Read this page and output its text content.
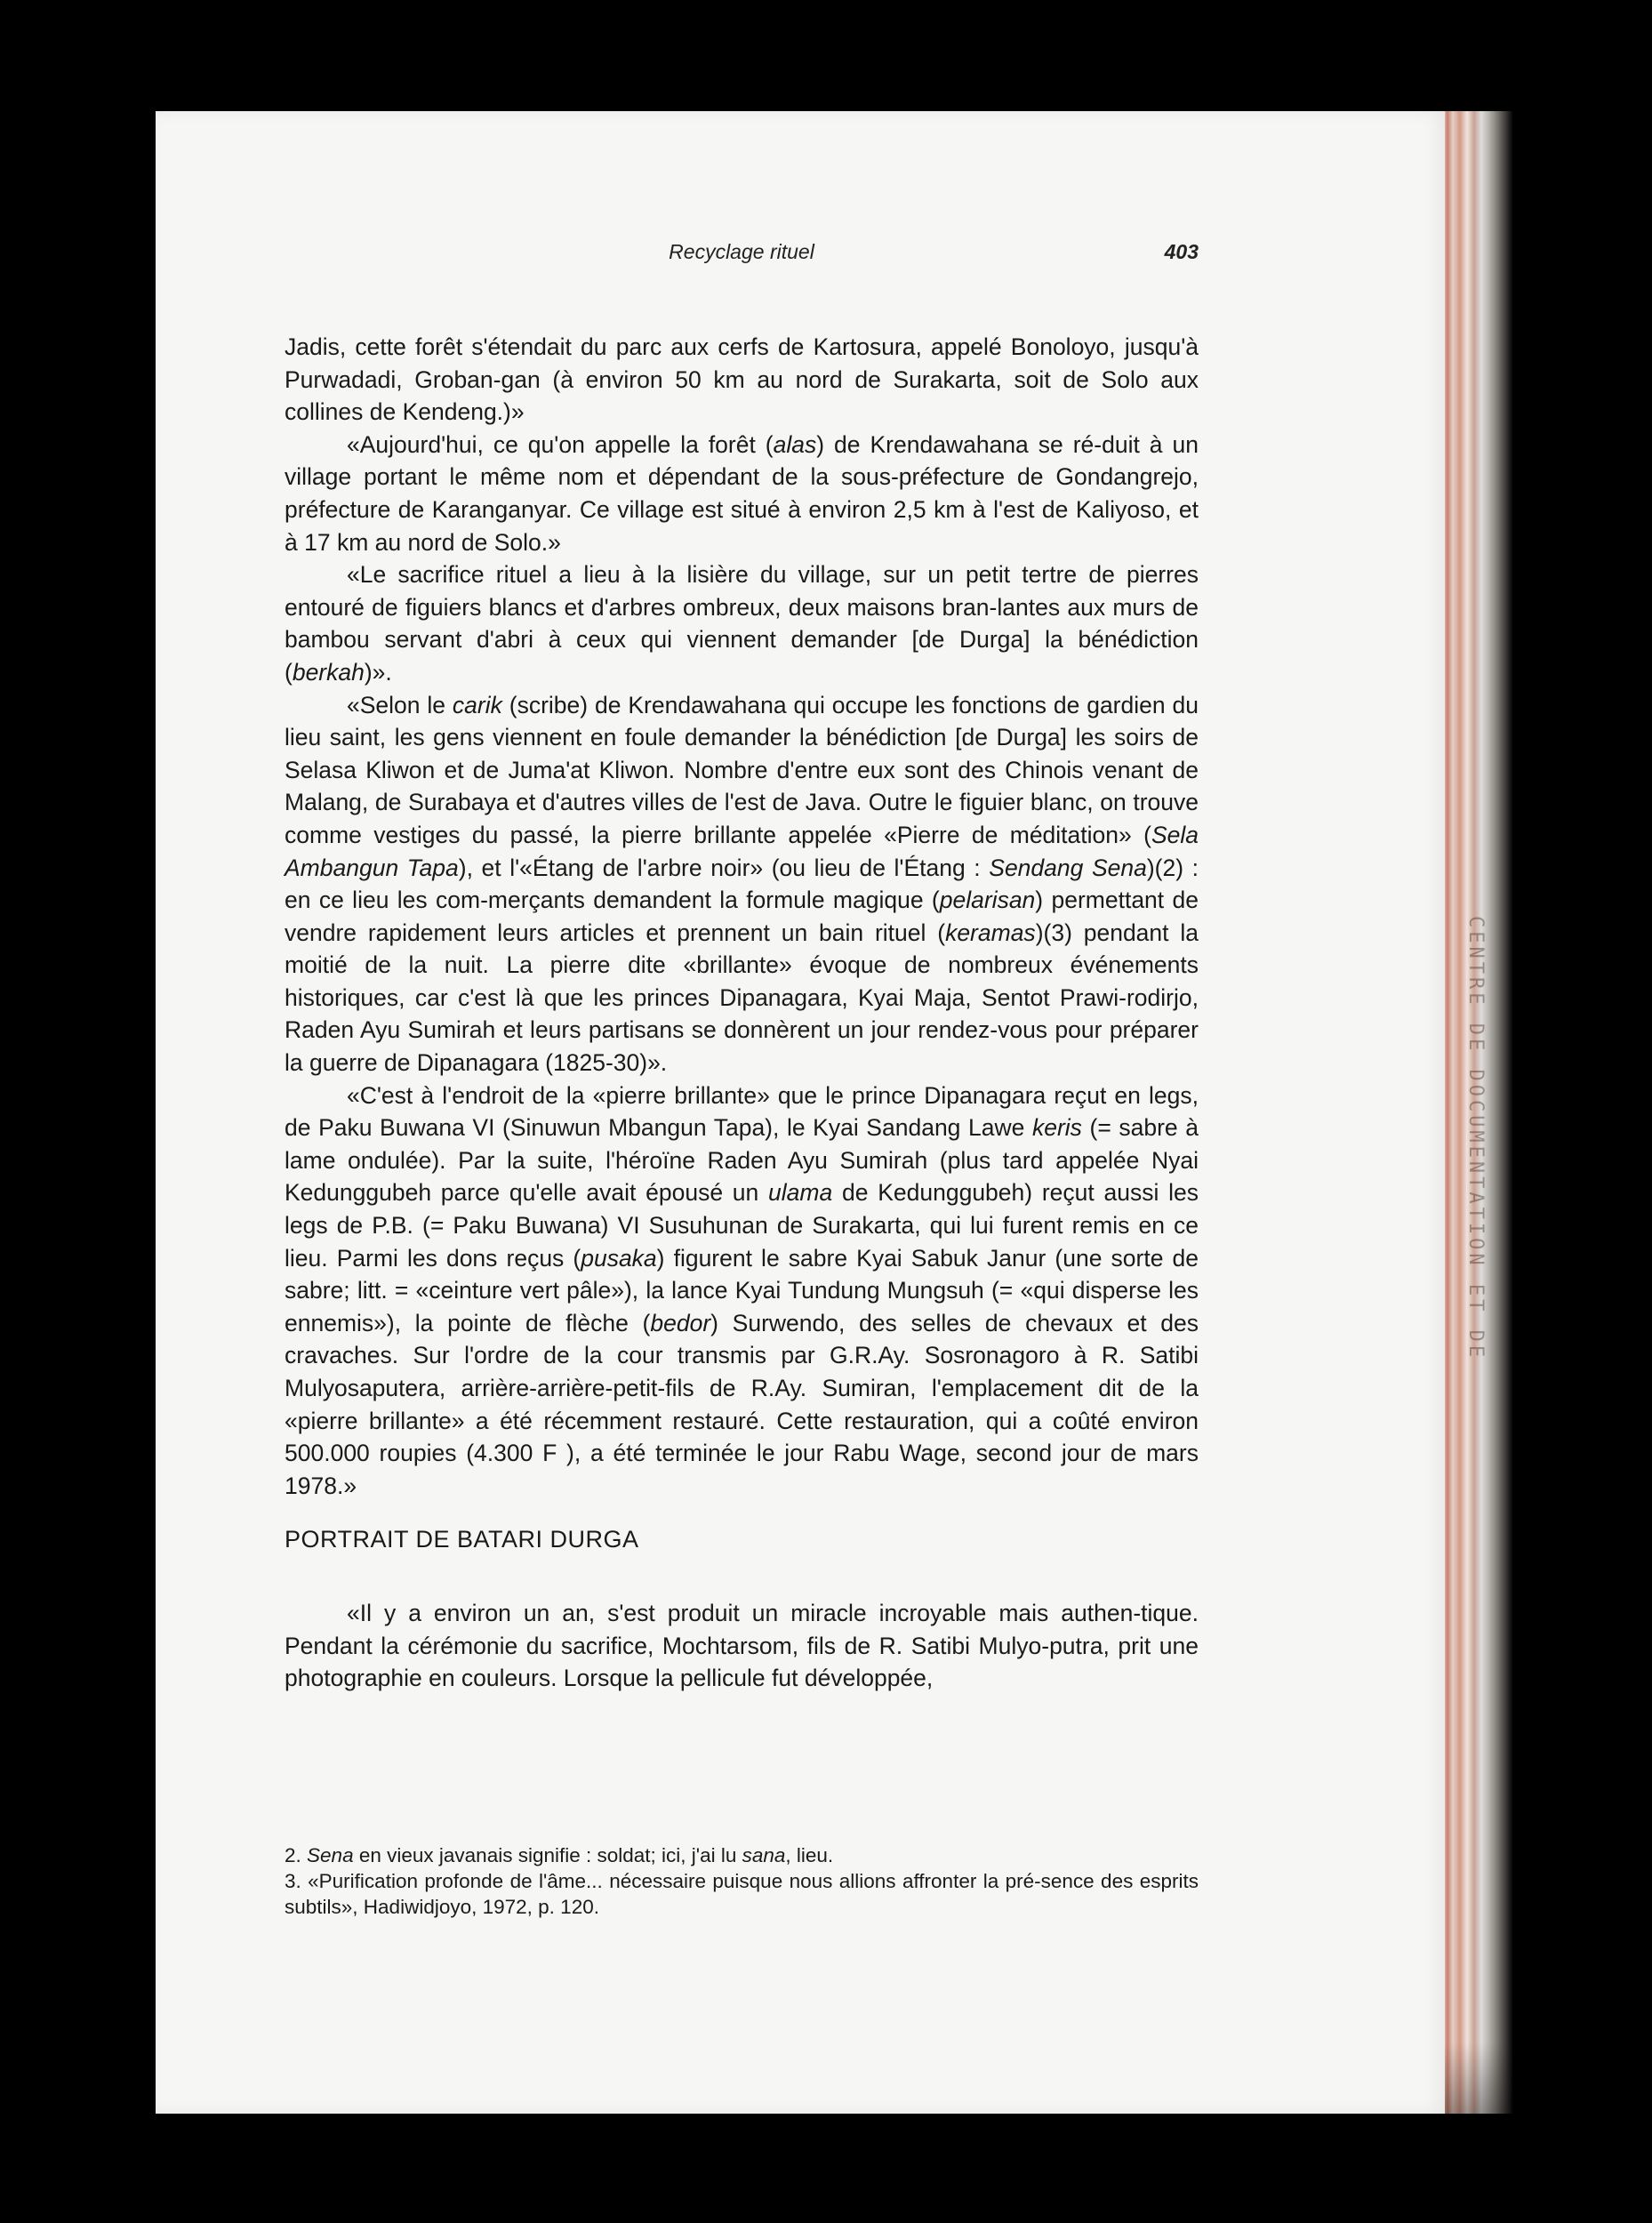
CENTRE DE DOCUMENTATION ET DE
Recyclage rituel	403

Jadis, cette forêt s'étendait du parc aux cerfs de Kartosura, appelé Bonoloyo, jusqu'à Purwadadi, Groban-gan (à environ 50 km au nord de Surakarta, soit de Solo aux collines de Kendeng.)»

«Aujourd'hui, ce qu'on appelle la forêt (alas) de Krendawahana se ré-duit à un village portant le même nom et dépendant de la sous-préfecture de Gondangrejo, préfecture de Karanganyar. Ce village est situé à environ 2,5 km à l'est de Kaliyoso, et à 17 km au nord de Solo.»

«Le sacrifice rituel a lieu à la lisière du village, sur un petit tertre de pierres entouré de figuiers blancs et d'arbres ombreux, deux maisons bran-lantes aux murs de bambou servant d'abri à ceux qui viennent demander [de Durga] la bénédiction (berkah)».

«Selon le carik (scribe) de Krendawahana qui occupe les fonctions de gardien du lieu saint, les gens viennent en foule demander la bénédiction [de Durga] les soirs de Selasa Kliwon et de Juma'at Kliwon. Nombre d'entre eux sont des Chinois venant de Malang, de Surabaya et d'autres villes de l'est de Java. Outre le figuier blanc, on trouve comme vestiges du passé, la pierre brillante appelée «Pierre de méditation» (Sela Ambangun Tapa), et l'«Étang de l'arbre noir» (ou lieu de l'Étang : Sendang Sena)(2) : en ce lieu les com-merçants demandent la formule magique (pelarisan) permettant de vendre rapidement leurs articles et prennent un bain rituel (keramas)(3) pendant la moitié de la nuit. La pierre dite «brillante» évoque de nombreux événements historiques, car c'est là que les princes Dipanagara, Kyai Maja, Sentot Prawi-rodirjo, Raden Ayu Sumirah et leurs partisans se donnèrent un jour rendez-vous pour préparer la guerre de Dipanagara (1825-30)».

«C'est à l'endroit de la «pierre brillante» que le prince Dipanagara reçut en legs, de Paku Buwana VI (Sinuwun Mbangun Tapa), le Kyai Sandang Lawe keris (= sabre à lame ondulée). Par la suite, l'héroïne Raden Ayu Sumirah (plus tard appelée Nyai Kedunggubeh parce qu'elle avait épousé un ulama de Kedunggubeh) reçut aussi les legs de P.B. (= Paku Buwana) VI Susuhunan de Surakarta, qui lui furent remis en ce lieu. Parmi les dons reçus (pusaka) figurent le sabre Kyai Sabuk Janur (une sorte de sabre; litt. = «ceinture vert pâle»), la lance Kyai Tundung Mungsuh (= «qui disperse les ennemis»), la pointe de flèche (bedor) Surwendo, des selles de chevaux et des cravaches. Sur l'ordre de la cour transmis par G.R.Ay. Sosronagoro à R. Satibi Mulyosaputera, arrière-arrière-petit-fils de R.Ay. Sumiran, l'emplacement dit de la «pierre brillante» a été récemment restauré. Cette restauration, qui a coûté environ 500.000 roupies (4.300 F ), a été terminée le jour Rabu Wage, second jour de mars 1978.»

PORTRAIT DE BATARI DURGA

«Il y a environ un an, s'est produit un miracle incroyable mais authen-tique. Pendant la cérémonie du sacrifice, Mochtarsom, fils de R. Satibi Mulyo-putra, prit une photographie en couleurs. Lorsque la pellicule fut développée,

2. Sena en vieux javanais signifie : soldat; ici, j'ai lu sana, lieu.

3. «Purification profonde de l'âme... nécessaire puisque nous allions affronter la pré-sence des esprits subtils», Hadiwidjoyo, 1972, p. 120.
